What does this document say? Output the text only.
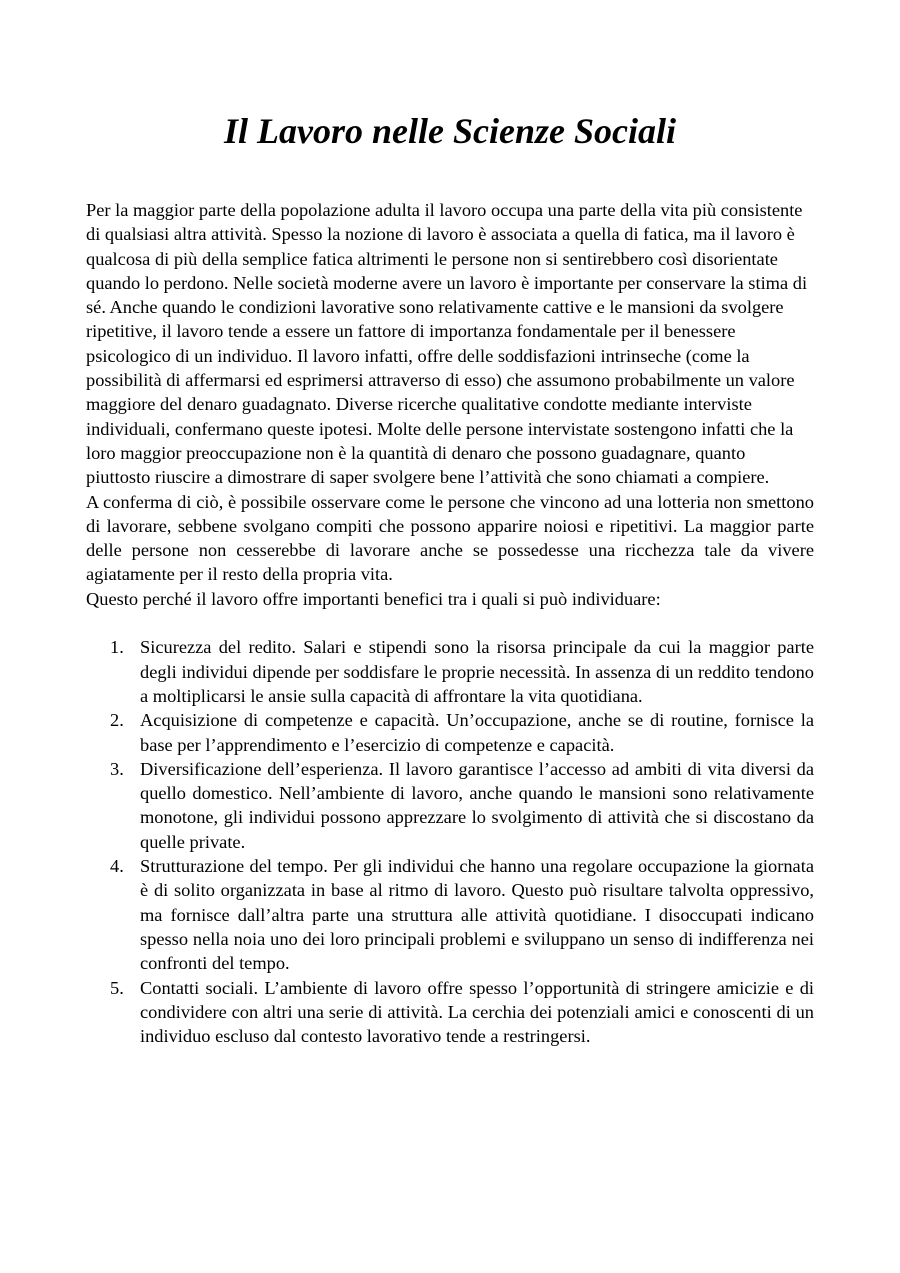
Il Lavoro nelle Scienze Sociali

Per la maggior parte della popolazione adulta il lavoro occupa una parte della vita più consistente di qualsiasi altra attività. Spesso la nozione di lavoro è associata a quella di fatica, ma il lavoro è qualcosa di più della semplice fatica altrimenti le persone non si sentirebbero così disorientate quando lo perdono. Nelle società moderne avere un lavoro è importante per conservare la stima di sé. Anche quando le condizioni lavorative sono relativamente cattive e le mansioni da svolgere ripetitive, il lavoro tende a essere un fattore di importanza fondamentale per il benessere psicologico di un individuo. Il lavoro infatti, offre delle soddisfazioni intrinseche (come la possibilità di affermarsi ed esprimersi attraverso di esso) che assumono probabilmente un valore maggiore del denaro guadagnato. Diverse ricerche qualitative condotte mediante interviste individuali, confermano queste ipotesi. Molte delle persone intervistate sostengono infatti che la loro maggior preoccupazione non è la quantità di denaro che possono guadagnare, quanto piuttosto riuscire a dimostrare di saper svolgere bene l’attività che sono chiamati a compiere.

A conferma di ciò, è possibile osservare come le persone che vincono ad una lotteria non smettono di lavorare, sebbene svolgano compiti che possono apparire noiosi e ripetitivi. La maggior parte delle persone non cesserebbe di lavorare anche se possedesse una ricchezza tale da vivere agiatamente per il resto della propria vita.

Questo perché il lavoro offre importanti benefici tra i quali si può individuare:

1. Sicurezza del redito. Salari e stipendi sono la risorsa principale da cui la maggior parte degli individui dipende per soddisfare le proprie necessità. In assenza di un reddito tendono a moltiplicarsi le ansie sulla capacità di affrontare la vita quotidiana.
2. Acquisizione di competenze e capacità. Un’occupazione, anche se di routine, fornisce la base per l’apprendimento e l’esercizio di competenze e capacità.
3. Diversificazione dell’esperienza. Il lavoro garantisce l’accesso ad ambiti di vita diversi da quello domestico. Nell’ambiente di lavoro, anche quando le mansioni sono relativamente monotone, gli individui possono apprezzare lo svolgimento di attività che si discostano da quelle private.
4. Strutturazione del tempo. Per gli individui che hanno una regolare occupazione la giornata è di solito organizzata in base al ritmo di lavoro. Questo può risultare talvolta oppressivo, ma fornisce dall’altra parte una struttura alle attività quotidiane. I disoccupati indicano spesso nella noia uno dei loro principali problemi e sviluppano un senso di indifferenza nei confronti del tempo.
5. Contatti sociali. L’ambiente di lavoro offre spesso l’opportunità di stringere amicizie e di condividere con altri una serie di attività. La cerchia dei potenziali amici e conoscenti di un individuo escluso dal contesto lavorativo tende a restringersi.
